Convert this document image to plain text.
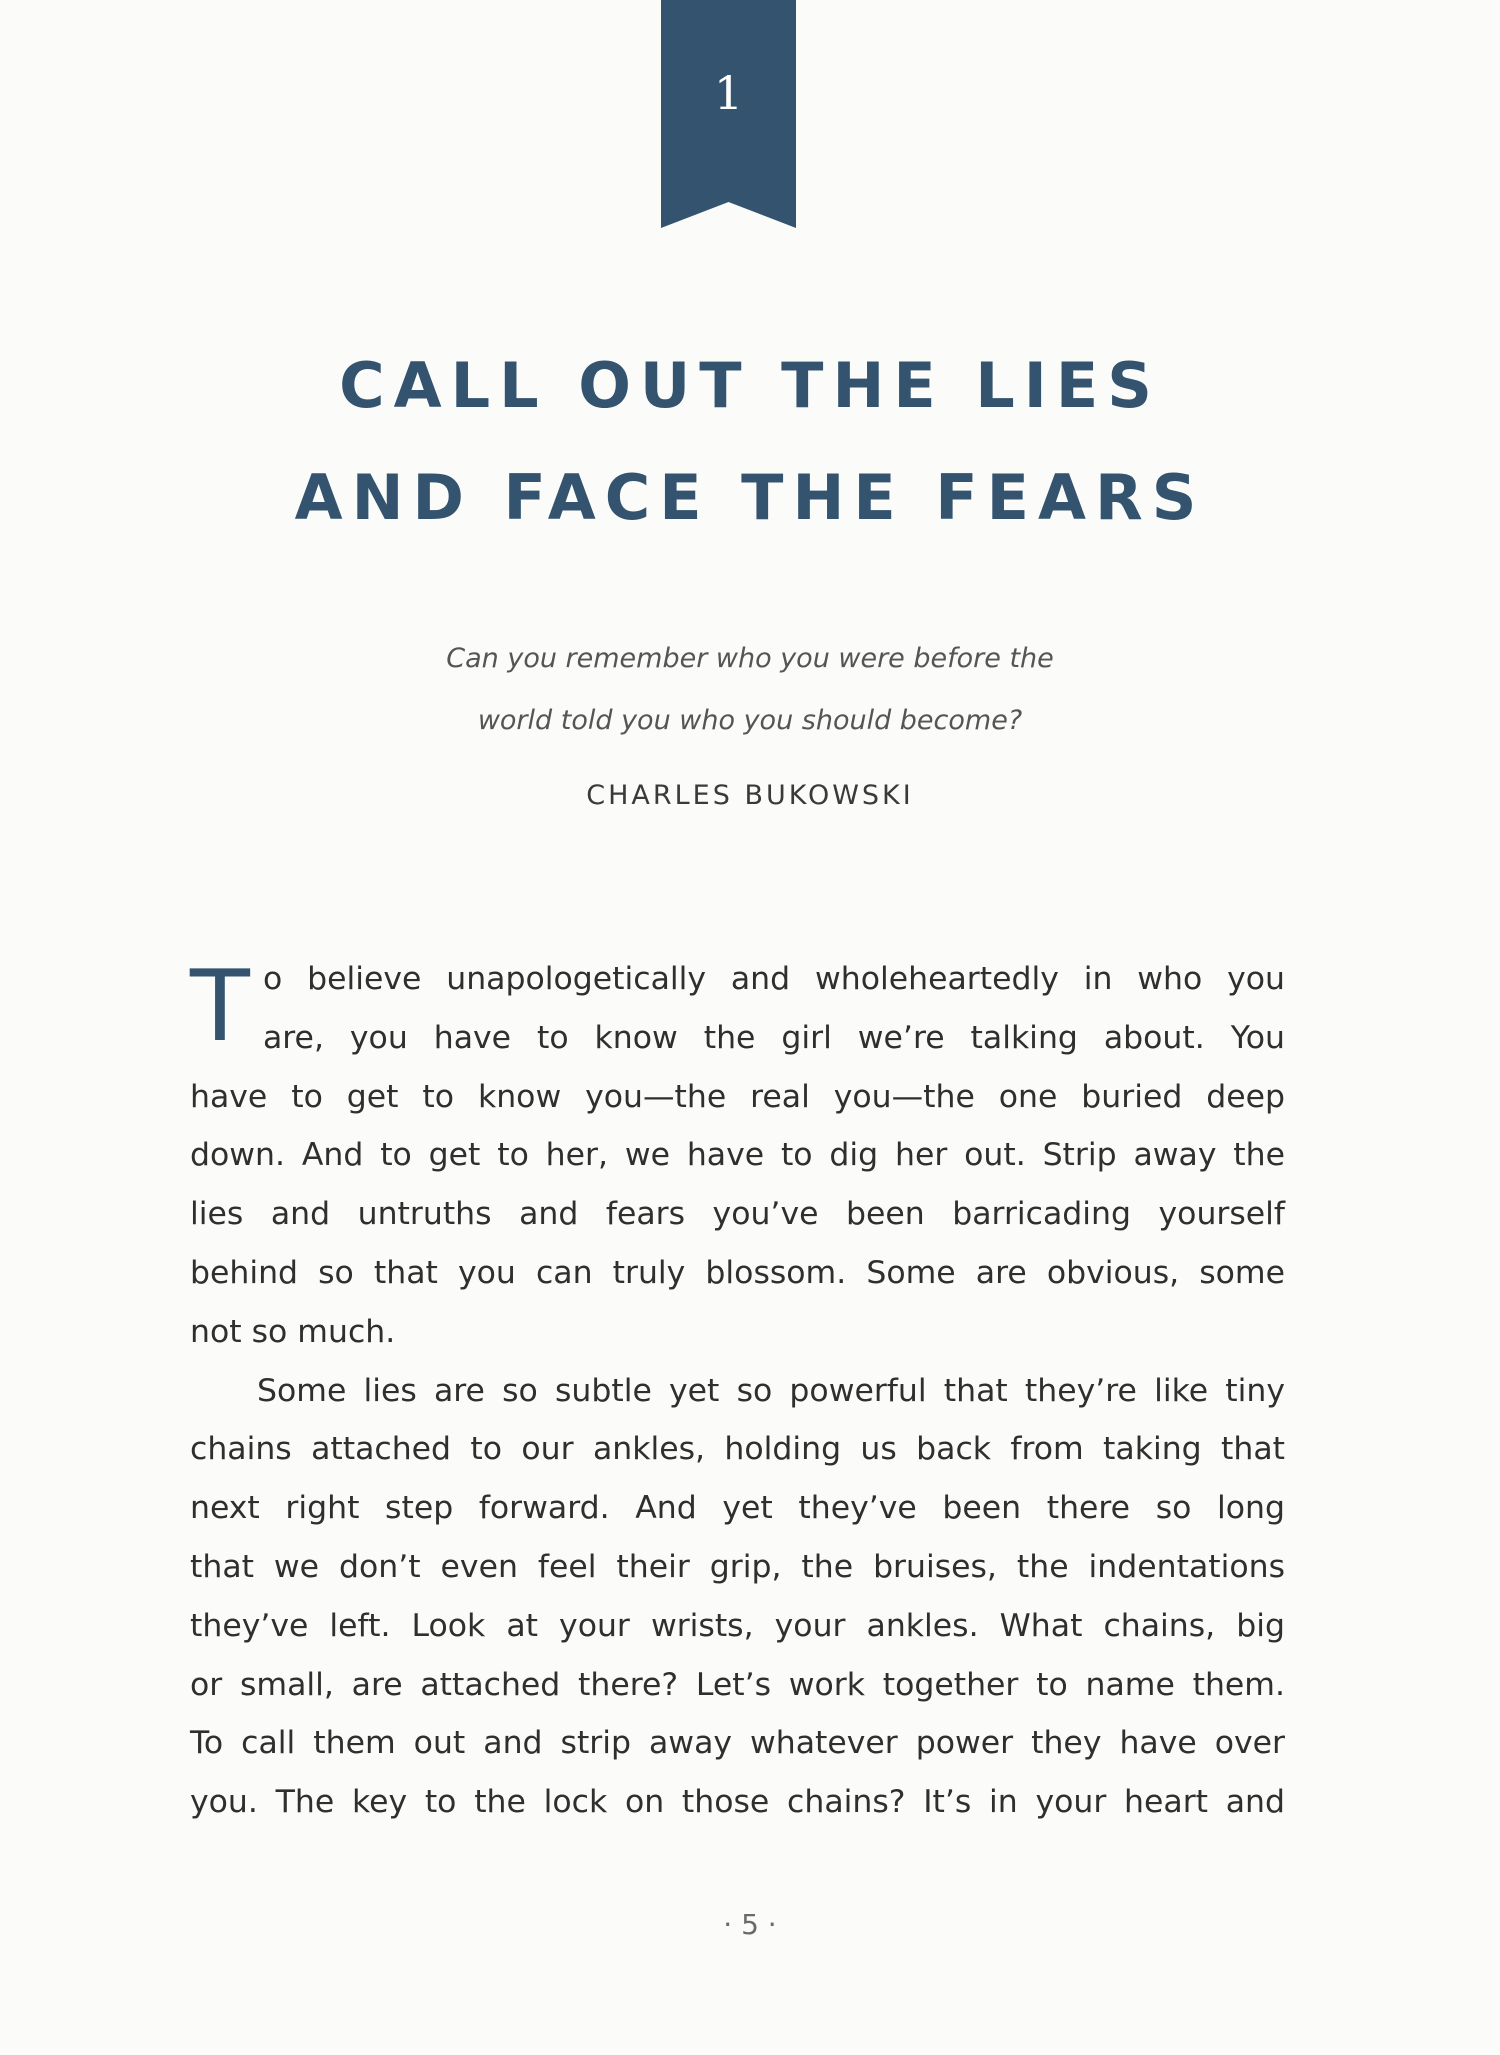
1
CALL OUT THE LIES
AND FACE THE FEARS
Can you remember who you were before the
world told you who you should become?
CHARLES BUKOWSKI
T o believe unapologetically and wholeheartedly in who you
are, you have to know the girl we’re talking about. You
have to get to know you—the real you—the one buried deep
down. And to get to her, we have to dig her out. Strip away the
lies and untruths and fears you’ve been barricading yourself
behind so that you can truly blossom. Some are obvious, some
not so much.
Some lies are so subtle yet so powerful that they’re like tiny
chains attached to our ankles, holding us back from taking that
next right step forward. And yet they’ve been there so long
that we don’t even feel their grip, the bruises, the indentations
they’ve left. Look at your wrists, your ankles. What chains, big
or small, are attached there? Let’s work together to name them.
To call them out and strip away whatever power they have over
you. The key to the lock on those chains? It’s in your heart and
· 5 ·
